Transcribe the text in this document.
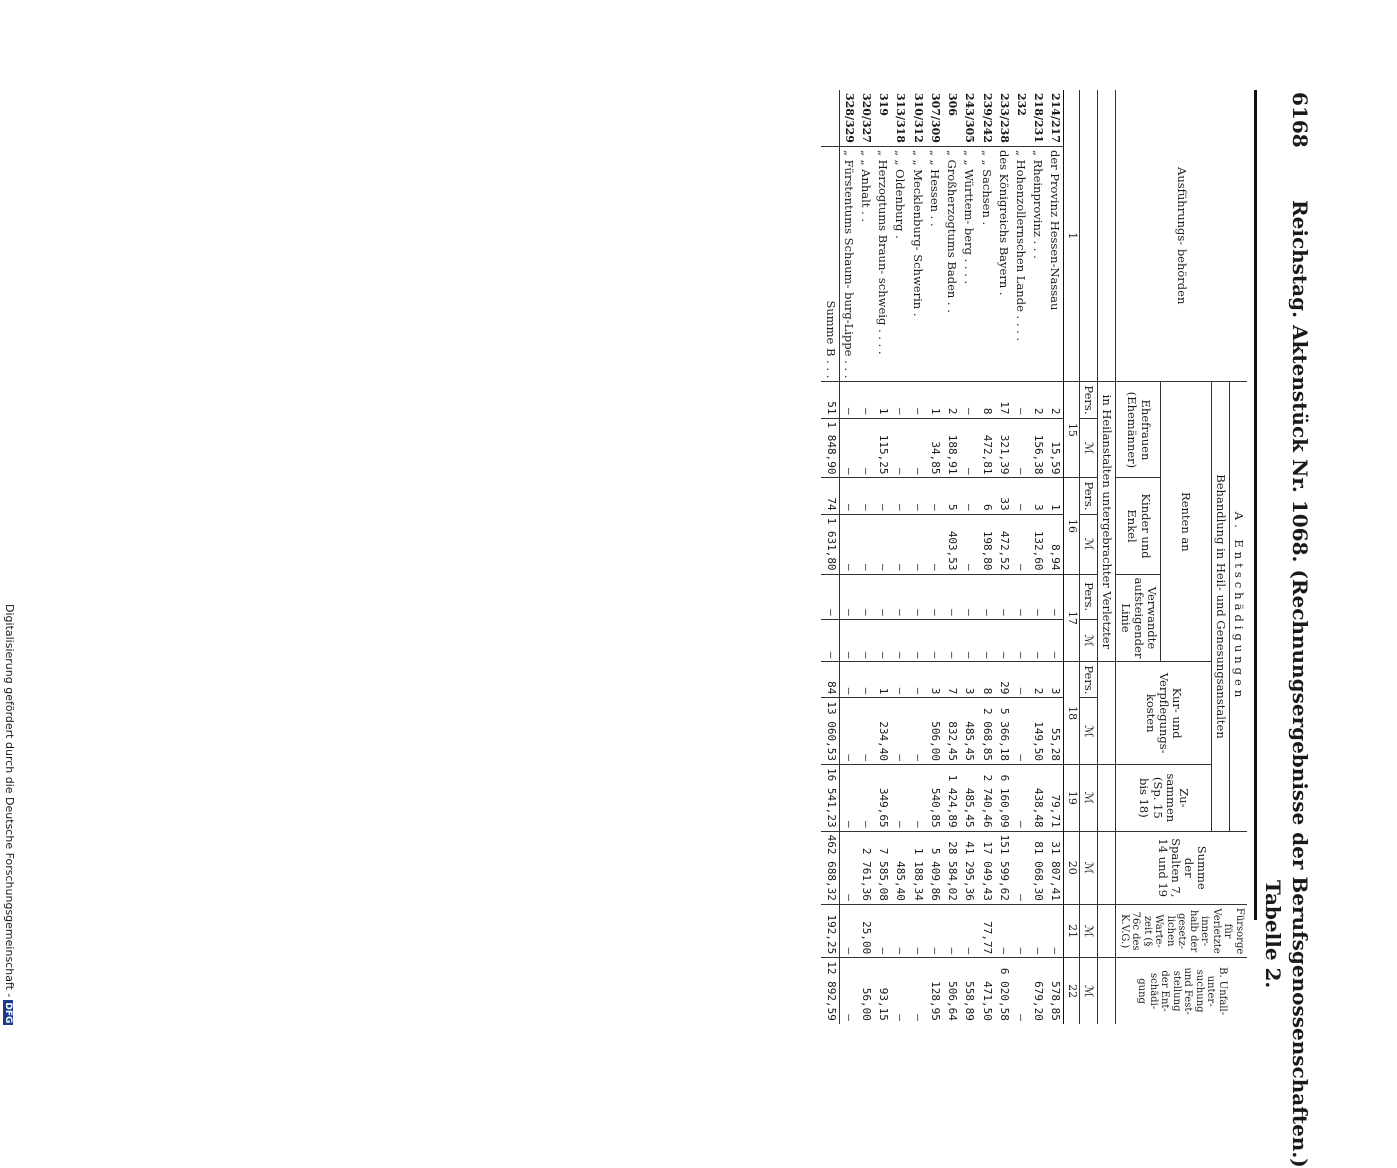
6168
Reichstag. Aktenstück Nr. 1068. (Rechnungsergebnisse der Berufsgenossenschaften.)
Tabelle 2.
Ausführungs- behörden		A. Entschädigungen									Summe der Spalten 7, 14 und 19	Fürsorge für Verletzte inner- halb der gesetz- lichen Warte- zeit (§ 76c des K.V.G.)	B. Unfall- unter- suchung und Fest- stellung der Ent- schädi- gung
		Behandlung in Heil- und Genesungsanstalten											
		Renten an						Kur- und Verpflegungs- kosten		Zu- sammen (Sp. 15 bis 18)			
		Ehefrauen (Ehemänner)		Kinder und Enkel		Verwandte aufsteigender Linie							
		in Heilanstalten untergebrachter Verletzter											
		Pers.	ℳ	Pers.	ℳ	Pers.	ℳ	Pers.	ℳ	ℳ	ℳ	ℳ	ℳ
1		15		16		17		18		19	20	21	22
214/217	der Provinz Hessen-Nassau	2	15,59	1	8,94	—	—	3	55,28	79,71	31 807,41	—	578,85
218/231	„ Rheinprovinz . . .	2	156,38	3	132,60	—	—	2	149,50	438,48	81 068,30	—	679,20
232	„ Hohenzollernschen Lande . . . .	—	—	—	—	—	—	—	—	—	—	—	—
233/238	des Königreichs Bayern .	17	321,39	33	472,52	—	—	29	5 366,18	6 160,09	151 599,62	—	6 020,58
239/242	„ „ Sachsen .	8	472,81	6	198,80	—	—	8	2 068,85	2 740,46	17 049,43	77,77	471,50
243/305	„ „ Württem- berg . . . .	—	—	—	—	—	—	3	485,45	485,45	41 295,36	—	558,89
306	„ Großherzogtums Baden . .	2	188,91	5	403,53	—	—	7	832,45	1 424,89	28 584,02	—	506,64
307/309	„ „ Hessen . .	1	34,85	—	—	—	—	3	506,00	540,85	5 409,86	—	128,95
310/312	„ „ Mecklenburg- Schwerin .	—	—	—	—	—	—	—	—	—	1 188,34	—	—
313/318	„ „ Oldenburg .	—	—	—	—	—	—	—	—	—	485,40	—	—
319	„ Herzogtums Braun- schweig . . . .	1	115,25	—	—	—	—	1	234,40	349,65	7 585,08	—	93,15
320/327	„ „ Anhalt . .	—	—	—	—	—	—	—	—	—	2 761,36	25,00	56,00
328/329	„ Fürstentums Schaum- burg-Lippe . . .	—	—	—	—	—	—	—	—	—	—	—	—
	Summe B . . .	51	1 848,90	74	1 631,80	—	—	84	13 060,53	16 541,23	462 688,32	192,25	12 892,59
Digitalisierung gefördert durch die Deutsche Forschungsgemeinschaft -DFG
